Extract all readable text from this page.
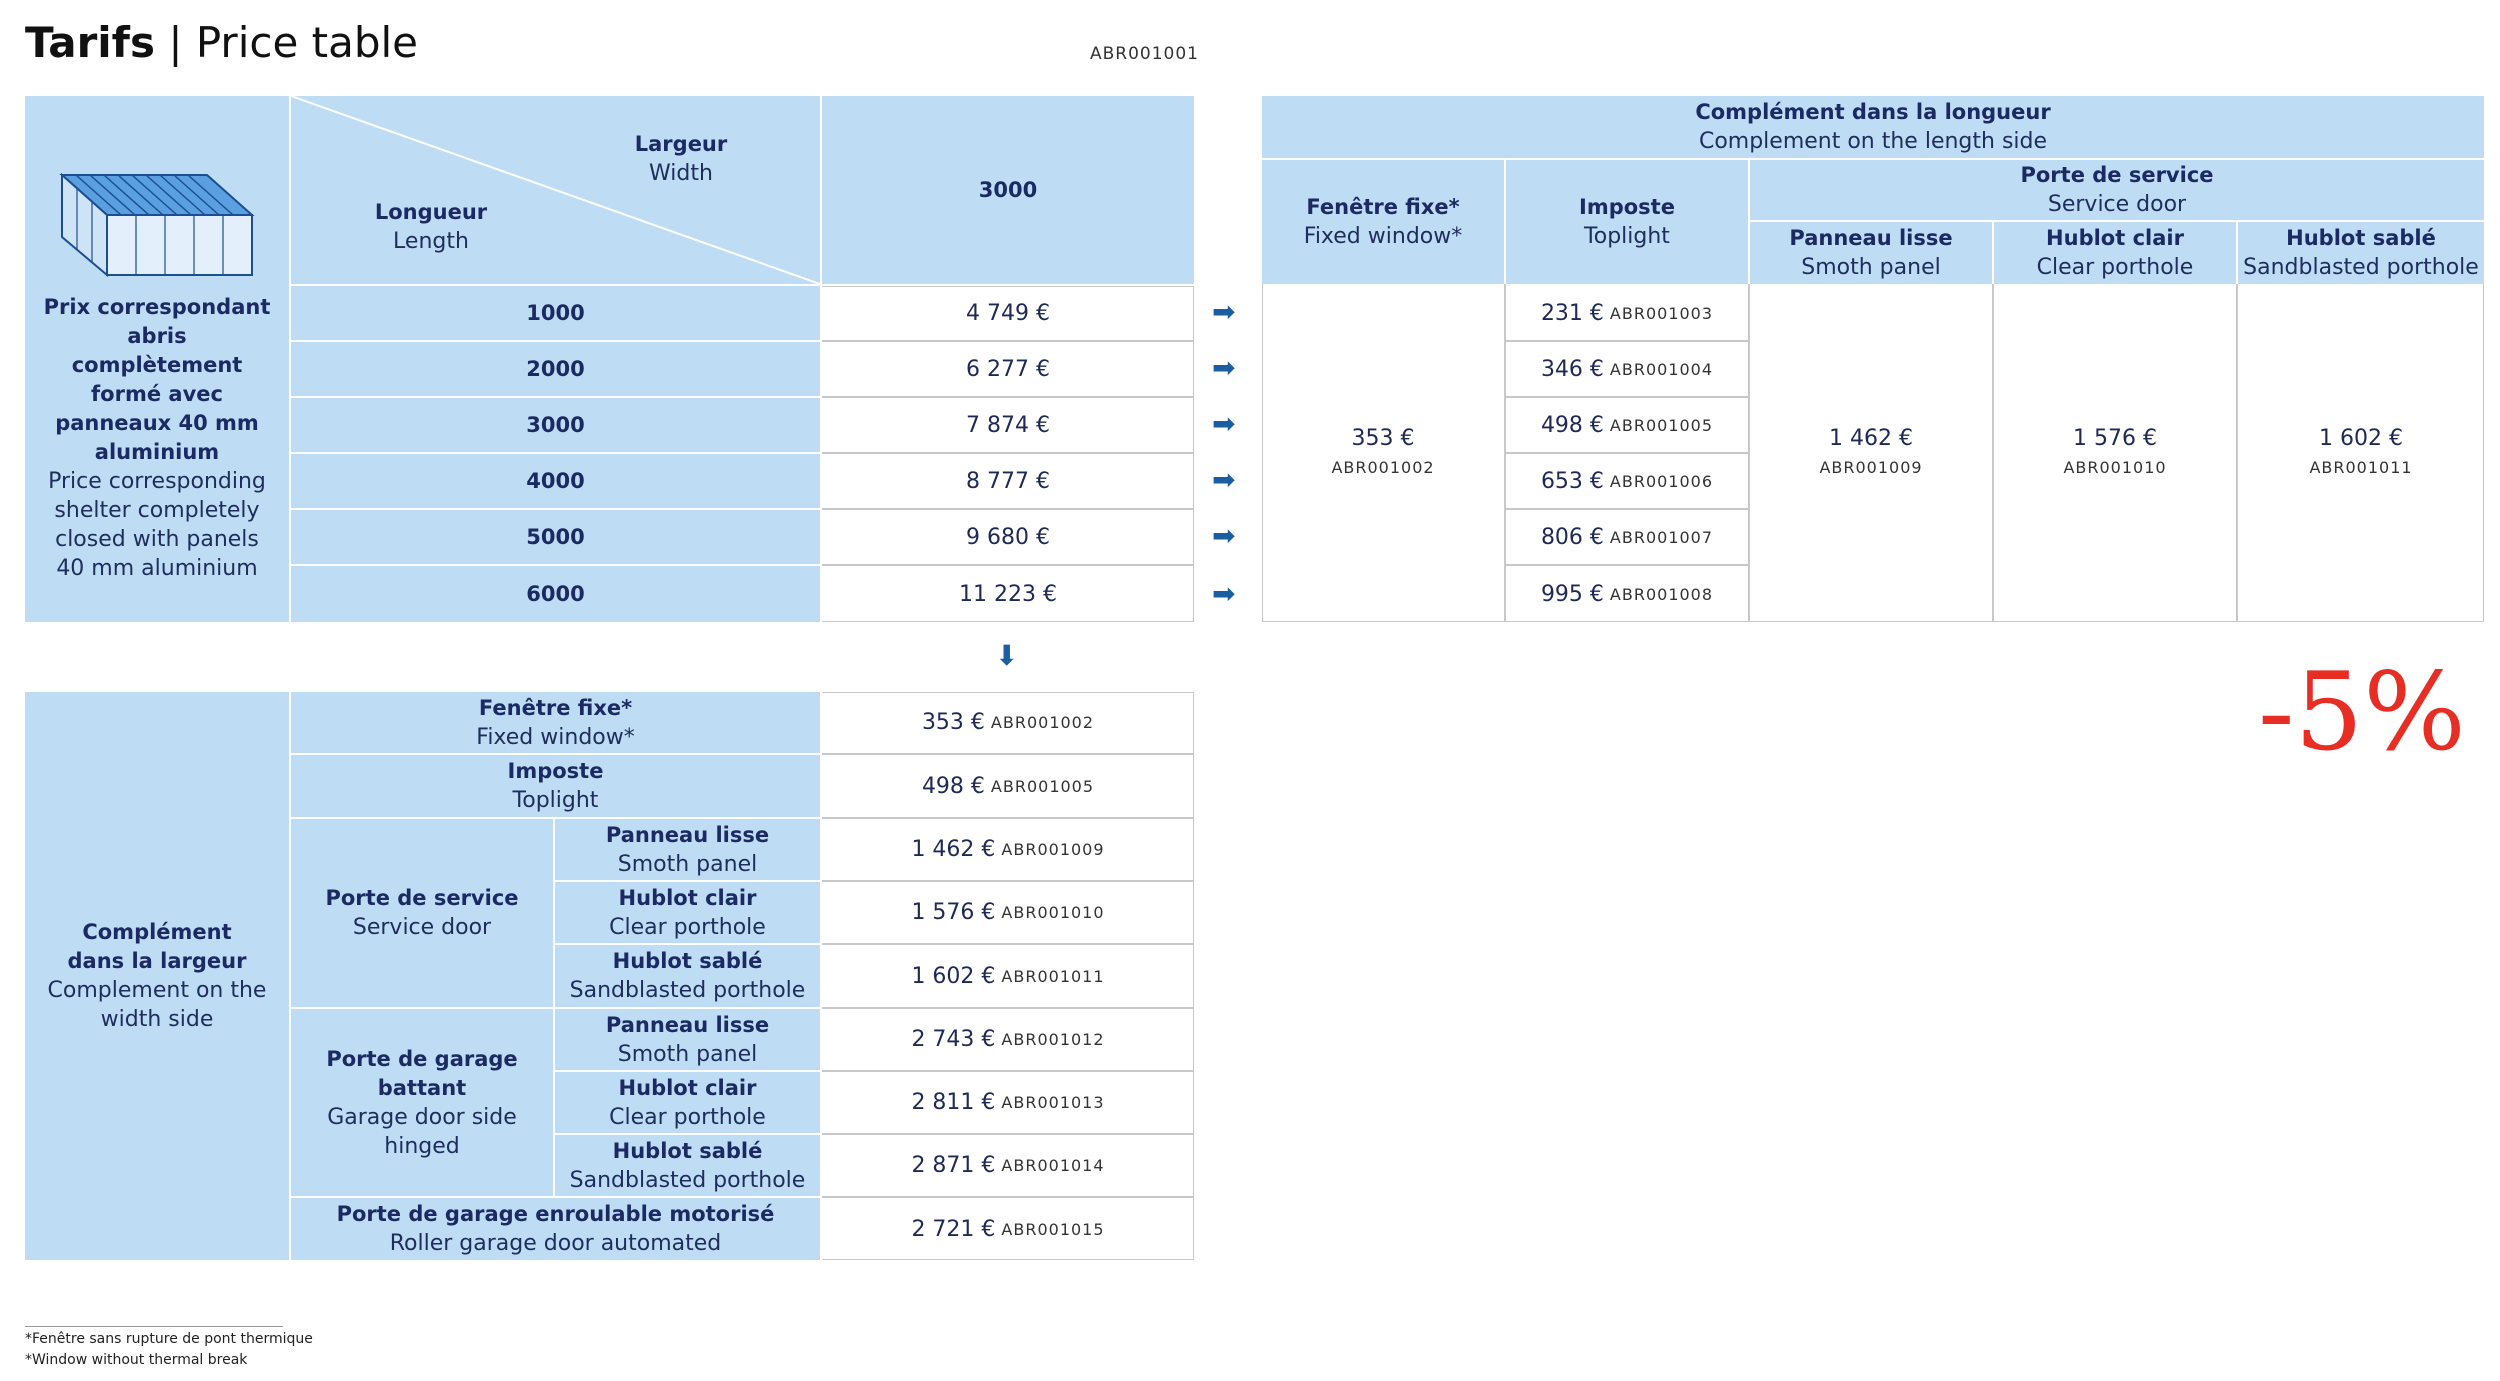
Tarifs | Price table	ABR001001
Prix correspondant abris complètement formé avec panneaux 40 mm aluminium
Price corresponding shelter completely closed with panels 40 mm aluminium
Largeur
Width
Longueur
Length
3000
1000
2000
3000
4000
5000
6000
4 749 €
6 277 €
7 874 €
8 777 €
9 680 €
11 223 €
➡
➡
➡
➡
➡
➡
⬇
Complément dans la longueur
Complement on the length side
Fenêtre fixe*
Fixed window*
Imposte
Toplight
Porte de service
Service door
Panneau lisse
Smoth panel
Hublot clair
Clear porthole
Hublot sablé
Sandblasted porthole
353 €
ABR001002
231 € ABR001003
346 € ABR001004
498 € ABR001005
653 € ABR001006
806 € ABR001007
995 € ABR001008
1 462 €
ABR001009
1 576 €
ABR001010
1 602 €
ABR001011
-5%
Complément dans la largeur
Complement on the width side
Fenêtre fixe*
Fixed window*
Imposte
Toplight
Porte de service
Service door
Panneau lisse
Smoth panel
Hublot clair
Clear porthole
Hublot sablé
Sandblasted porthole
Porte de garage battant
Garage door side hinged
Panneau lisse
Smoth panel
Hublot clair
Clear porthole
Hublot sablé
Sandblasted porthole
Porte de garage enroulable motorisé
Roller garage door automated
353 € ABR001002
498 € ABR001005
1 462 € ABR001009
1 576 € ABR001010
1 602 € ABR001011
2 743 € ABR001012
2 811 € ABR001013
2 871 € ABR001014
2 721 € ABR001015
*Fenêtre sans rupture de pont thermique
*Window without thermal break
